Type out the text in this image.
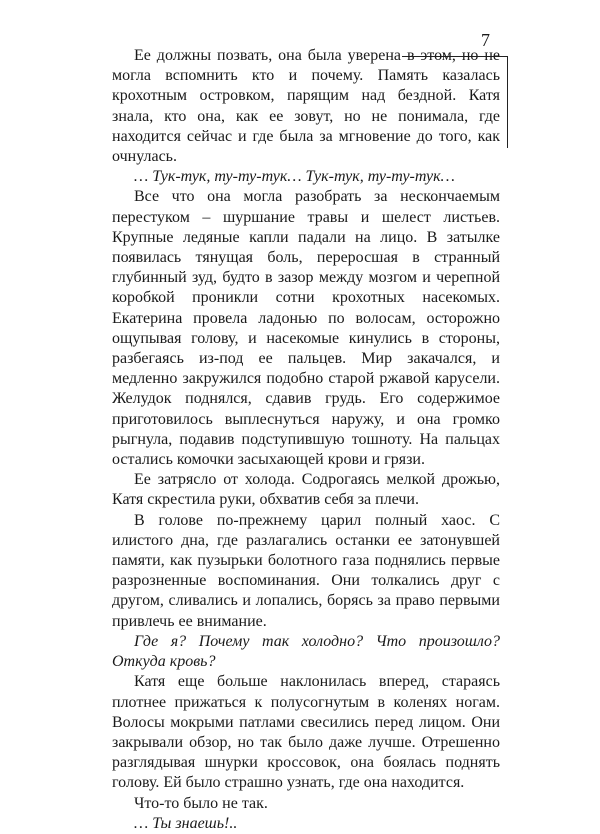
7

Ее должны позвать, она была уверена в этом, но не могла вспомнить кто и почему. Память казалась крохотным островком, парящим над бездной. Катя знала, кто она, как ее зовут, но не понимала, где находится сейчас и где была за мгновение до того, как очнулась.

… Тук-тук, ту-ту-тук… Тук-тук, ту-ту-тук…

Все что она могла разобрать за нескончаемым перестуком – шуршание травы и шелест листьев. Крупные ледяные капли падали на лицо. В затылке появилась тянущая боль, переросшая в странный глубинный зуд, будто в зазор между мозгом и черепной коробкой проникли сотни крохотных насекомых. Екатерина провела ладонью по волосам, осторожно ощупывая голову, и насекомые кинулись в стороны, разбегаясь из-под ее пальцев. Мир закачался, и медленно закружился подобно старой ржавой карусели. Желудок поднялся, сдавив грудь. Его содержимое приготовилось выплеснуться наружу, и она громко рыгнула, подавив подступившую тошноту. На пальцах остались комочки засыхающей крови и грязи.

Ее затрясло от холода. Содрогаясь мелкой дрожью, Катя скрестила руки, обхватив себя за плечи.

В голове по-прежнему царил полный хаос. С илистого дна, где разлагались останки ее затонувшей памяти, как пузырьки болотного газа поднялись первые разрозненные воспоминания. Они толкались друг с другом, сливались и лопались, борясь за право первыми привлечь ее внимание.

Где я? Почему так холодно? Что произошло? Откуда кровь?

Катя еще больше наклонилась вперед, стараясь плотнее прижаться к полусогнутым в коленях ногам. Волосы мокрыми патлами свесились перед лицом. Они закрывали обзор, но так было даже лучше. Отрешенно разглядывая шнурки кроссовок, она боялась поднять голову. Ей было страшно узнать, где она находится.

Что-то было не так.

… Ты знаешь!..
